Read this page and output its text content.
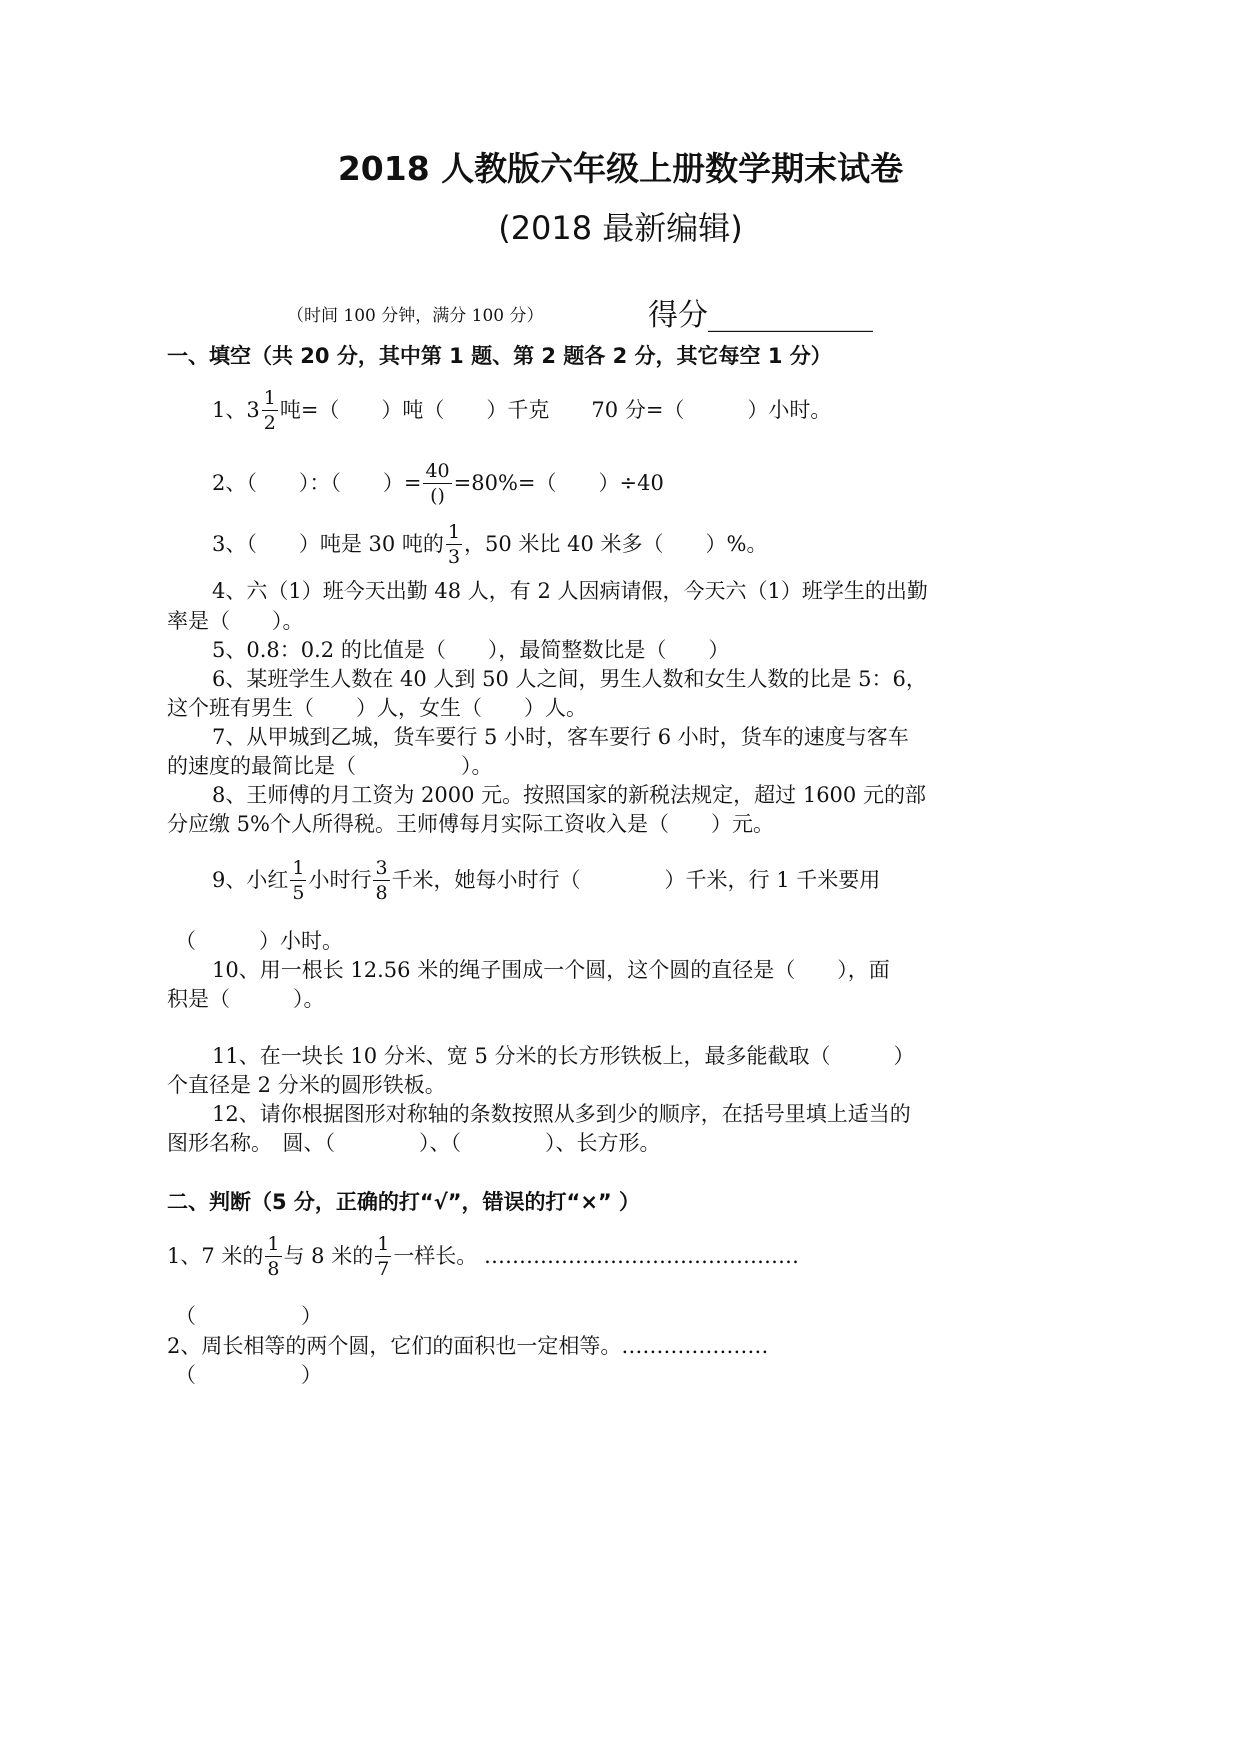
2018 人教版六年级上册数学期末试卷
(2018 最新编辑)
（时间 100 分钟，满分 100 分）	得分___________
一、填空（共 20 分，其中第 1 题、第 2 题各 2 分，其它每空 1 分）
1、$3 \frac{1}{2}$ 吨=（　　）吨（　　）千克　　70 分=（　　　）小时。
2、（　　）：（　　）= $\frac{40}{()} =80\%=$（　　）÷40
3、（　　）吨是 30 吨的 $\frac{1}{3}$ ，50 米比 40 米多（　　）%。
4、六（1）班今天出勤 48 人，有 2 人因病请假，今天六（1）班学生的出勤
率是（　　）。
5、0.8：0.2 的比值是（　　），最简整数比是（　　）
6、某班学生人数在 40 人到 50 人之间，男生人数和女生人数的比是 5：6，
这个班有男生（　　）人，女生（　　）人。
7、从甲城到乙城，货车要行 5 小时，客车要行 6 小时，货车的速度与客车
的速度的最简比是（　　　　　）。
8、王师傅的月工资为 2000 元。按照国家的新税法规定，超过 1600 元的部
分应缴 5%个人所得税。王师傅每月实际工资收入是（　　）元。
9、小红 $\frac{1}{5}$ 小时行 $\frac{3}{8}$ 千米，她每小时行（　　　　）千米，行 1 千米要用
（　　　）小时。
10、用一根长 12.56 米的绳子围成一个圆，这个圆的直径是（　　），面
积是（　　　）。
11、在一块长 10 分米、宽 5 分米的长方形铁板上，最多能截取（　　　）
个直径是 2 分米的圆形铁板。
12、请你根据图形对称轴的条数按照从多到少的顺序，在括号里填上适当的
图形名称。　圆、（　　　　）、（　　　　）、长方形。
二、判断（5 分，正确的打“√”，错误的打“×” ）
1、7 米的 $\frac{1}{8}$ 与 8 米的 $\frac{1}{7}$ 一样长。 ………………………………………
（　　　　　）
2、周长相等的两个圆，它们的面积也一定相等。…………………
（　　　　　）
